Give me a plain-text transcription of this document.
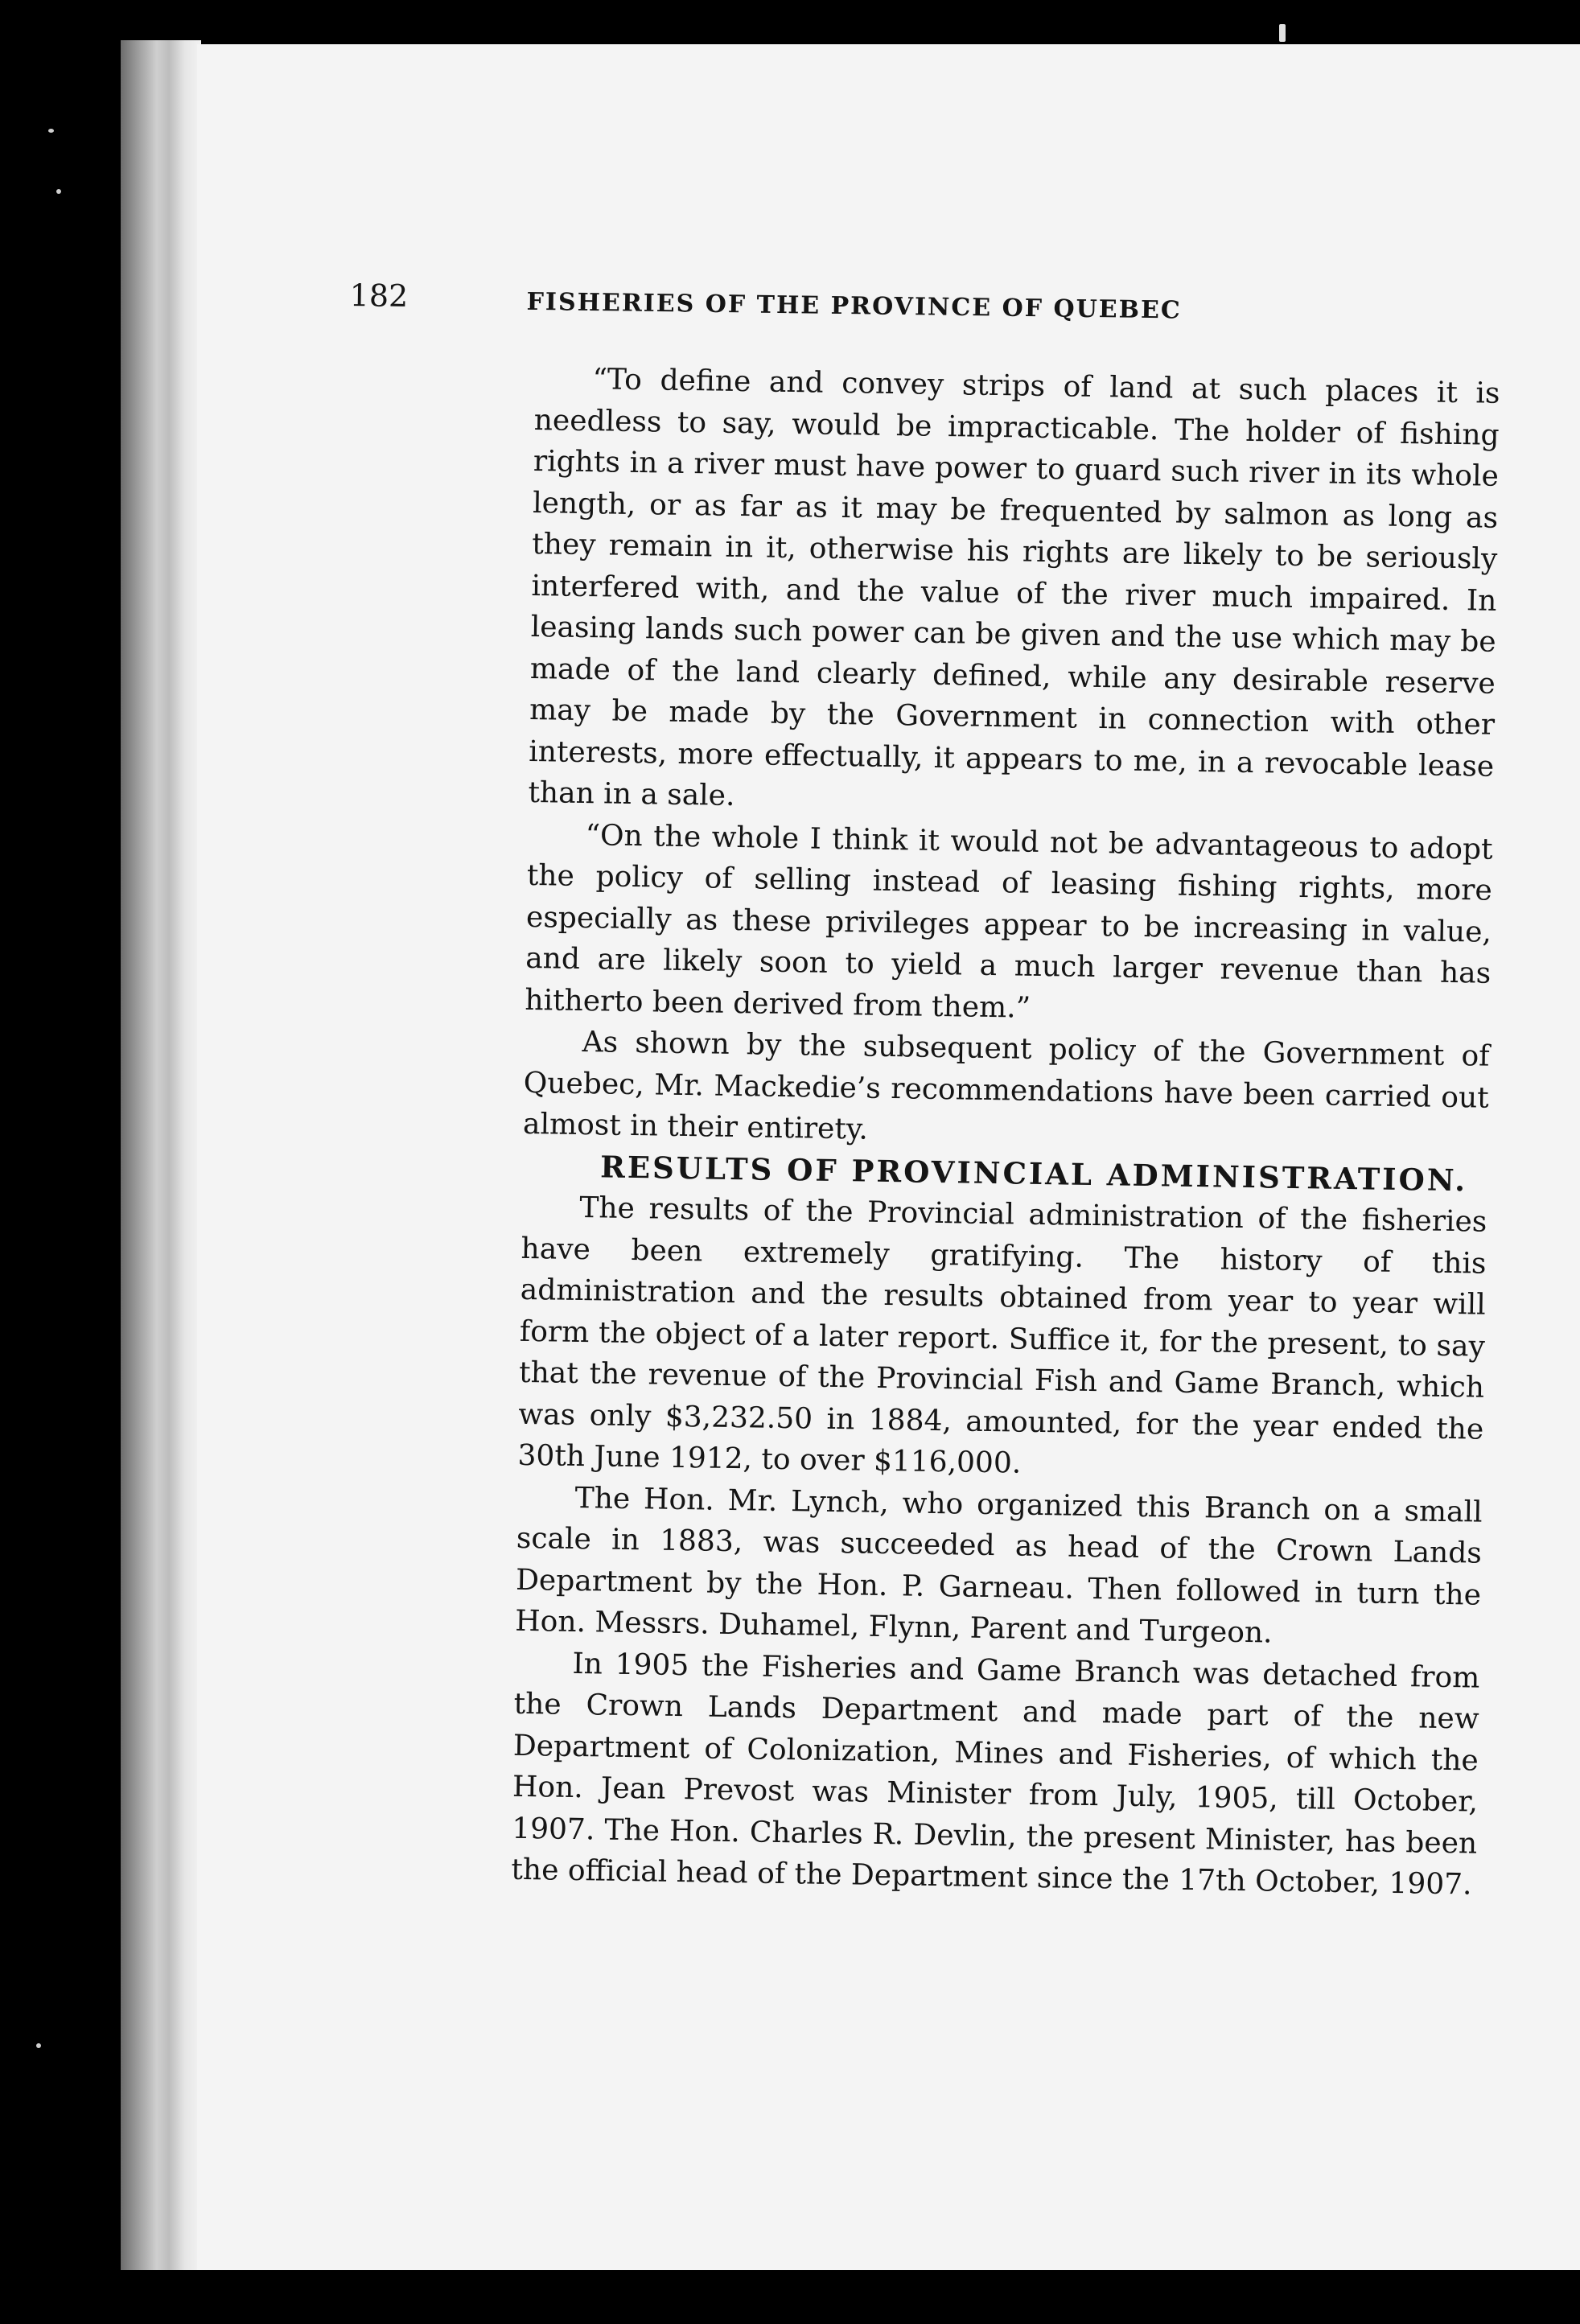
182	FISHERIES OF THE PROVINCE OF QUEBEC

“To define and convey strips of land at such places it is needless to say, would be impracticable. The holder of fishing rights in a river must have power to guard such river in its whole length, or as far as it may be frequented by salmon as long as they remain in it, otherwise his rights are likely to be seriously interfered with, and the value of the river much impaired. In leasing lands such power can be given and the use which may be made of the land clearly defined, while any desirable reserve may be made by the Government in connection with other interests, more effectually, it appears to me, in a revocable lease than in a sale.

“On the whole I think it would not be advantageous to adopt the policy of selling instead of leasing fishing rights, more especially as these privileges appear to be increasing in value, and are likely soon to yield a much larger revenue than has hitherto been derived from them.”

As shown by the subsequent policy of the Government of Quebec, Mr. Mackedie’s recommendations have been carried out almost in their entirety.

RESULTS OF PROVINCIAL ADMINISTRATION.

The results of the Provincial administration of the fisheries have been extremely gratifying. The history of this administration and the results obtained from year to year will form the object of a later report. Suffice it, for the present, to say that the revenue of the Provincial Fish and Game Branch, which was only $3,232.50 in 1884, amounted, for the year ended the 30th June 1912, to over $116,000.

The Hon. Mr. Lynch, who organized this Branch on a small scale in 1883, was succeeded as head of the Crown Lands Department by the Hon. P. Garneau. Then followed in turn the Hon. Messrs. Duhamel, Flynn, Parent and Turgeon.

In 1905 the Fisheries and Game Branch was detached from the Crown Lands Department and made part of the new Department of Colonization, Mines and Fisheries, of which the Hon. Jean Prevost was Minister from July, 1905, till October, 1907. The Hon. Charles R. Devlin, the present Minister, has been the official head of the Department since the 17th October, 1907.
